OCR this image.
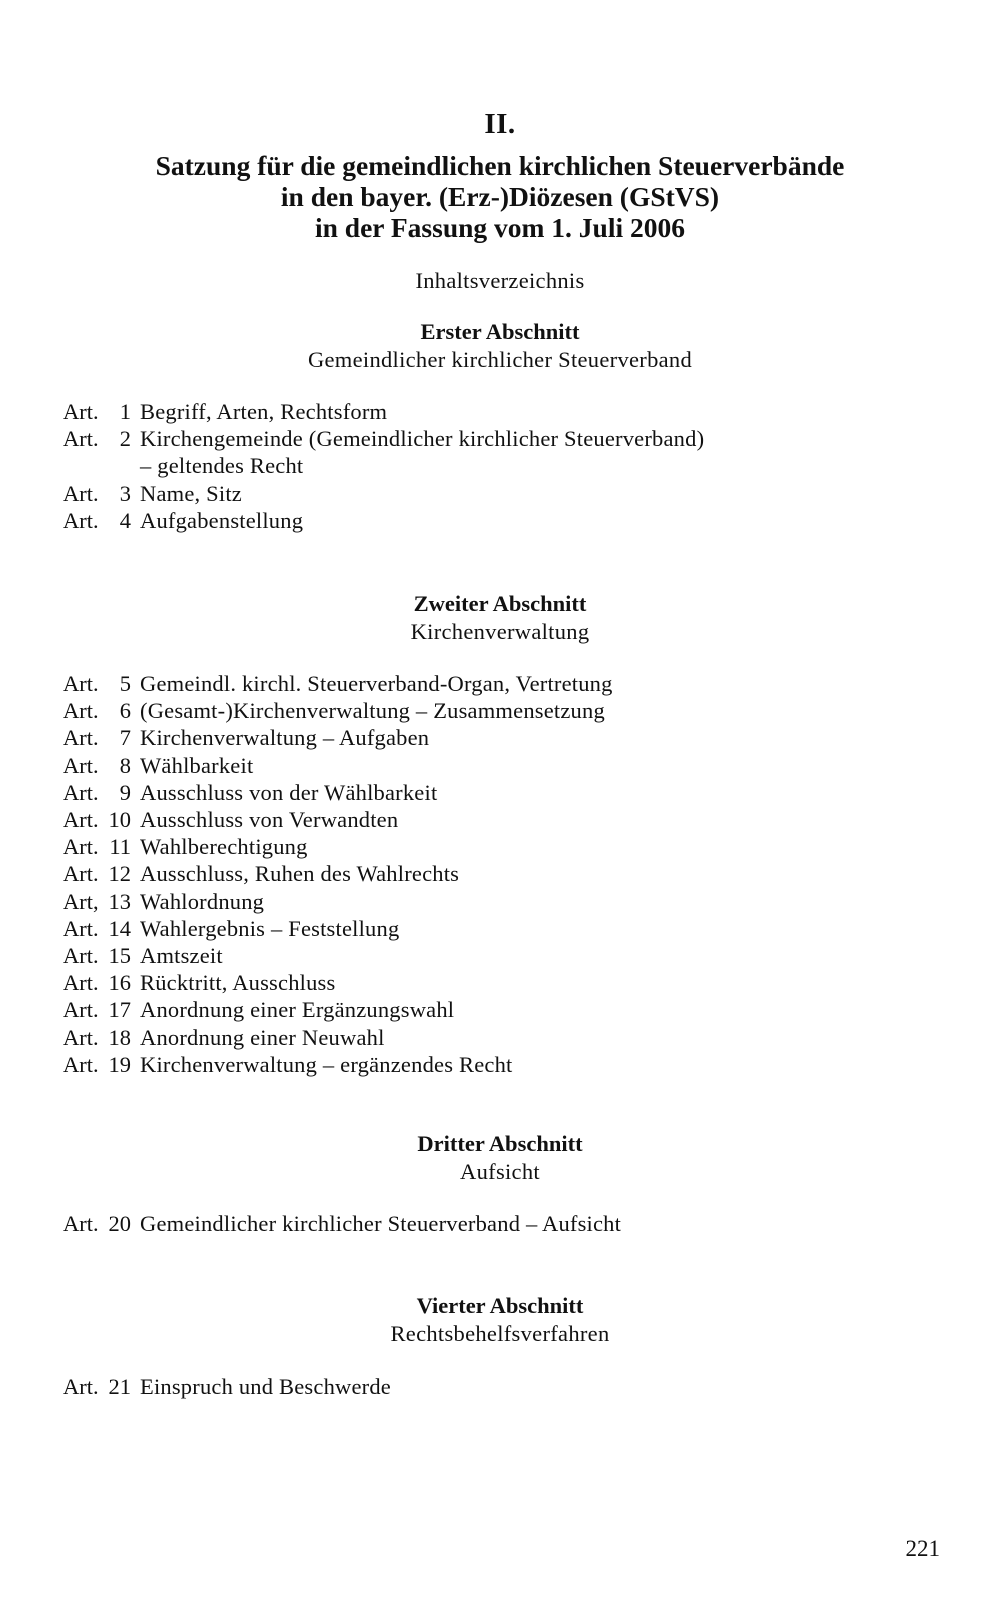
II.
Satzung für die gemeindlichen kirchlichen Steuerverbände
in den bayer. (Erz-)Diözesen (GStVS)
in der Fassung vom 1. Juli 2006
Inhaltsverzeichnis
Erster Abschnitt
Gemeindlicher kirchlicher Steuerverband
Art. 1 Begriff, Arten, Rechtsform
Art. 2 Kirchengemeinde (Gemeindlicher kirchlicher Steuerverband)
– geltendes Recht
Art. 3 Name, Sitz
Art. 4 Aufgabenstellung
Zweiter Abschnitt
Kirchenverwaltung
Art. 5 Gemeindl. kirchl. Steuerverband-Organ, Vertretung
Art. 6 (Gesamt-)Kirchenverwaltung – Zusammensetzung
Art. 7 Kirchenverwaltung – Aufgaben
Art. 8 Wählbarkeit
Art. 9 Ausschluss von der Wählbarkeit
Art. 10 Ausschluss von Verwandten
Art. 11 Wahlberechtigung
Art. 12 Ausschluss, Ruhen des Wahlrechts
Art, 13 Wahlordnung
Art. 14 Wahlergebnis – Feststellung
Art. 15 Amtszeit
Art. 16 Rücktritt, Ausschluss
Art. 17 Anordnung einer Ergänzungswahl
Art. 18 Anordnung einer Neuwahl
Art. 19 Kirchenverwaltung – ergänzendes Recht
Dritter Abschnitt
Aufsicht
Art. 20 Gemeindlicher kirchlicher Steuerverband – Aufsicht
Vierter Abschnitt
Rechtsbehelfsverfahren
Art. 21 Einspruch und Beschwerde
221
